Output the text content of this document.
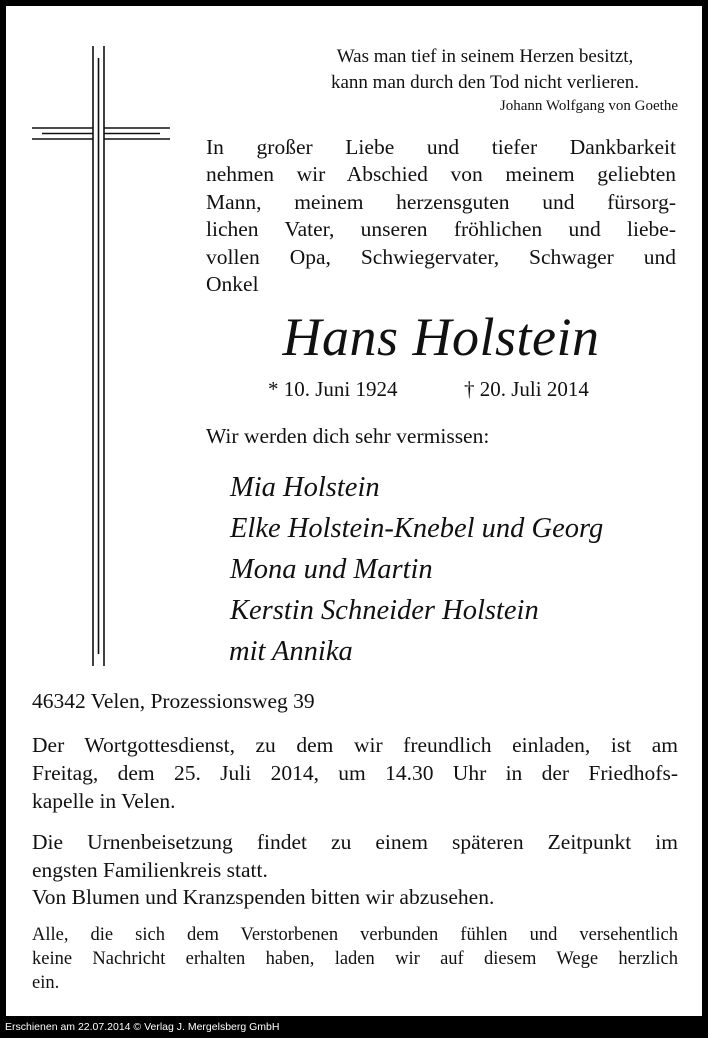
Was man tief in seinem Herzen besitzt,
kann man durch den Tod nicht verlieren.
Johann Wolfgang von Goethe
In großer Liebe und tiefer Dankbarkeit
nehmen wir Abschied von meinem geliebten
Mann, meinem herzensguten und fürsorg-
lichen Vater, unseren fröhlichen und liebe-
vollen Opa, Schwiegervater, Schwager und
Onkel
Hans Holstein
* 10. Juni 1924	† 20. Juli 2014
Wir werden dich sehr vermissen:
Mia Holstein
Elke Holstein-Knebel und Georg
Mona und Martin
Kerstin Schneider Holstein
mit Annika
46342 Velen, Prozessionsweg 39
Der Wortgottesdienst, zu dem wir freundlich einladen, ist am
Freitag, dem 25. Juli 2014, um 14.30 Uhr in der Friedhofs-
kapelle in Velen.
Die Urnenbeisetzung findet zu einem späteren Zeitpunkt im
engsten Familienkreis statt.
Von Blumen und Kranzspenden bitten wir abzusehen.
Alle, die sich dem Verstorbenen verbunden fühlen und versehentlich
keine Nachricht erhalten haben, laden wir auf diesem Wege herzlich
ein.
Erschienen am 22.07.2014 © Verlag J. Mergelsberg GmbH
